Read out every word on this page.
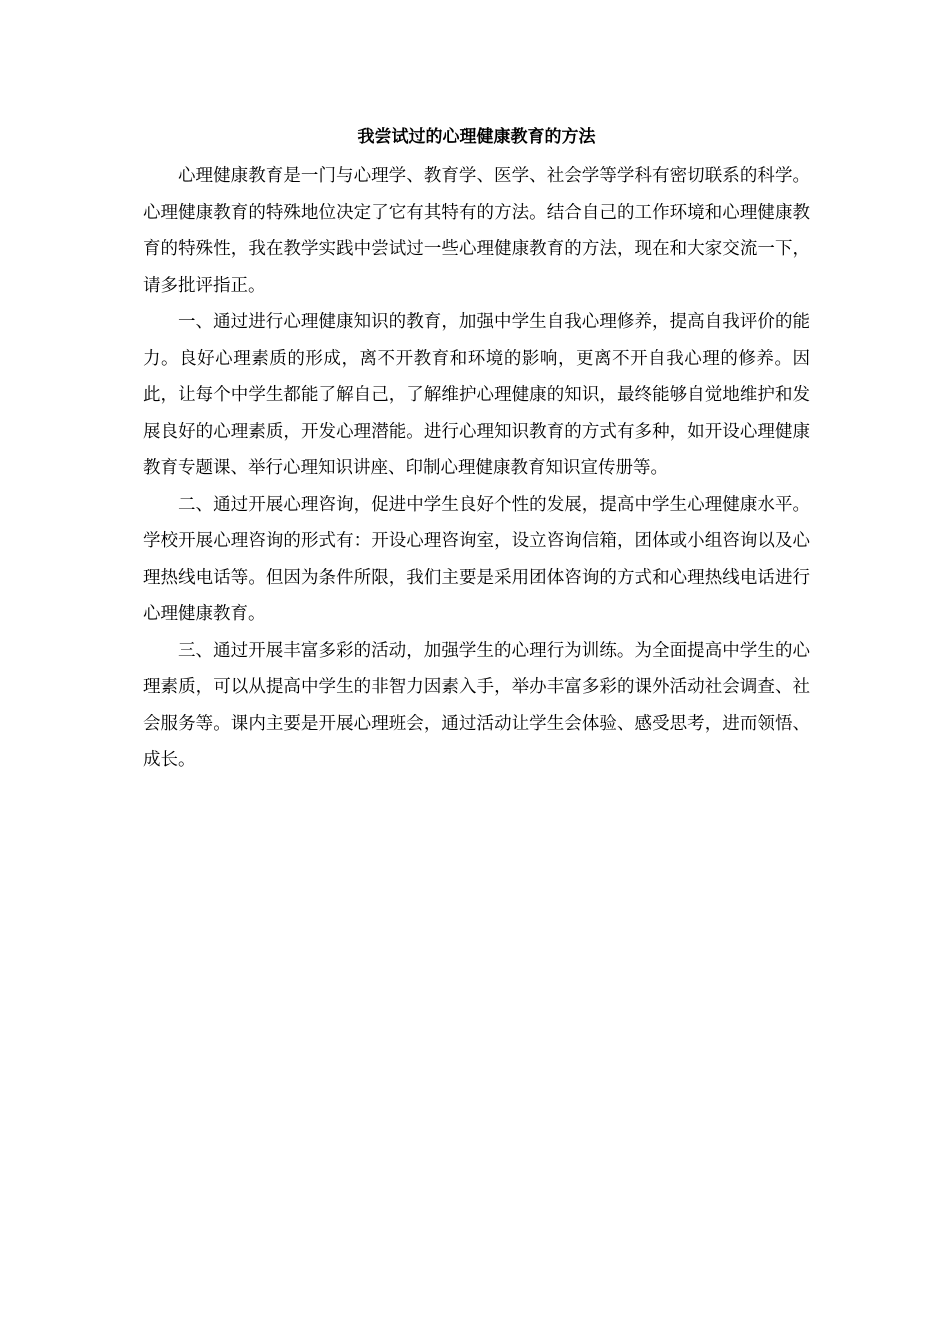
我尝试过的心理健康教育的方法

心理健康教育是一门与心理学、教育学、医学、社会学等学科有密切联系的科学。心理健康教育的特殊地位决定了它有其特有的方法。结合自己的工作环境和心理健康教育的特殊性，我在教学实践中尝试过一些心理健康教育的方法，现在和大家交流一下，请多批评指正。

一、通过进行心理健康知识的教育，加强中学生自我心理修养，提高自我评价的能力。良好心理素质的形成，离不开教育和环境的影响，更离不开自我心理的修养。因此，让每个中学生都能了解自己，了解维护心理健康的知识，最终能够自觉地维护和发展良好的心理素质，开发心理潜能。进行心理知识教育的方式有多种，如开设心理健康教育专题课、举行心理知识讲座、印制心理健康教育知识宣传册等。

二、通过开展心理咨询，促进中学生良好个性的发展，提高中学生心理健康水平。学校开展心理咨询的形式有：开设心理咨询室，设立咨询信箱，团体或小组咨询以及心理热线电话等。但因为条件所限，我们主要是采用团体咨询的方式和心理热线电话进行心理健康教育。

三、通过开展丰富多彩的活动，加强学生的心理行为训练。为全面提高中学生的心理素质，可以从提高中学生的非智力因素入手，举办丰富多彩的课外活动社会调查、社会服务等。课内主要是开展心理班会，通过活动让学生会体验、感受思考，进而领悟、成长。
